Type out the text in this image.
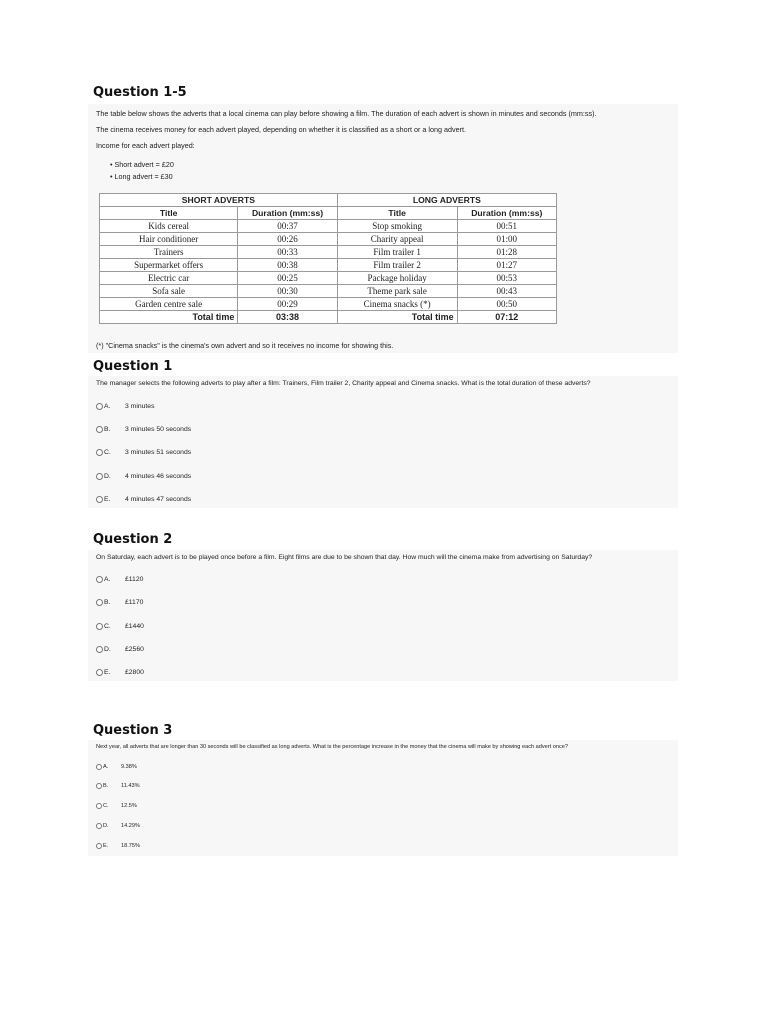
Question 1-5
The table below shows the adverts that a local cinema can play before showing a film. The duration of each advert is shown in minutes and seconds (mm:ss).
The cinema receives money for each advert played, depending on whether it is classified as a short or a long advert.
Income for each advert played:
• Short advert = £20
• Long advert = £30
SHORT ADVERTS		LONG ADVERTS	
Title	Duration (mm:ss)	Title	Duration (mm:ss)
Kids cereal	00:37	Stop smoking	00:51
Hair conditioner	00:26	Charity appeal	01:00
Trainers	00:33	Film trailer 1	01:28
Supermarket offers	00:38	Film trailer 2	01:27
Electric car	00:25	Package holiday	00:53
Sofa sale	00:30	Theme park sale	00:43
Garden centre sale	00:29	Cinema snacks (*)	00:50
Total time	03:38	Total time	07:12
(*) "Cinema snacks" is the cinema's own advert and so it receives no income for showing this.
Question 1
The manager selects the following adverts to play after a film: Trainers, Film trailer 2, Charity appeal and Cinema snacks. What is the total duration of these adverts?
A.	3 minutes
B.	3 minutes 50 seconds
C.	3 minutes 51 seconds
D.	4 minutes 46 seconds
E.	4 minutes 47 seconds
Question 2
On Saturday, each advert is to be played once before a film. Eight films are due to be shown that day. How much will the cinema make from advertising on Saturday?
A.	£1120
B.	£1170
C.	£1440
D.	£2560
E.	£2800
Question 3
Next year, all adverts that are longer than 30 seconds will be classified as long adverts. What is the percentage increase in the money that the cinema will make by showing each advert once?
A.	9.38%
B.	11.43%
C.	12.5%
D.	14.29%
E.	18.75%
